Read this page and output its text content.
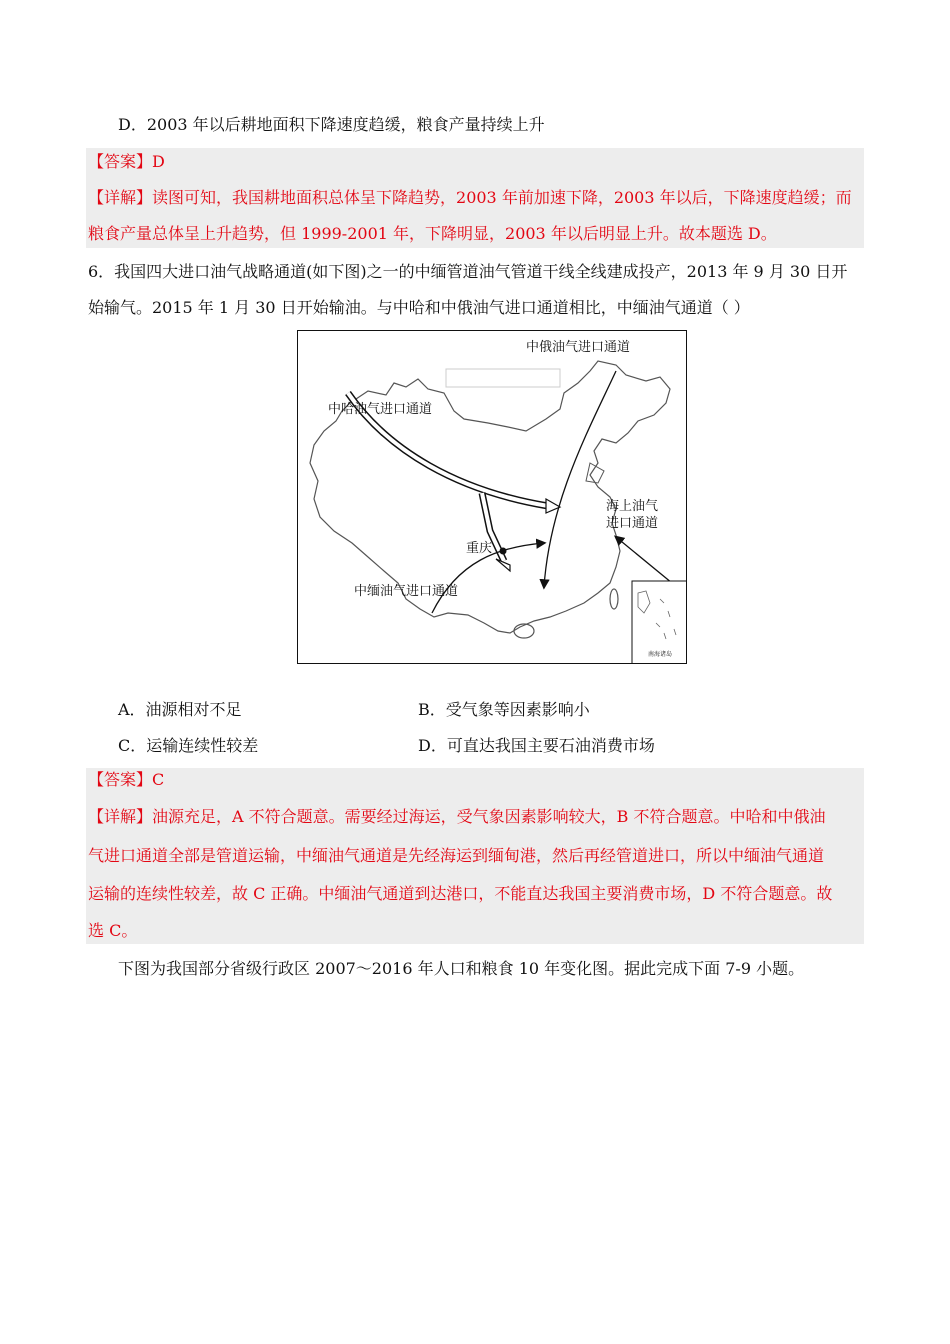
D．2003 年以后耕地面积下降速度趋缓，粮食产量持续上升
【答案】D
【详解】读图可知，我国耕地面积总体呈下降趋势，2003 年前加速下降，2003 年以后，下降速度趋缓；而
粮食产量总体呈上升趋势，但 1999-2001 年，下降明显，2003 年以后明显上升。故本题选 D。
6．我国四大进口油气战略通道(如下图)之一的中缅管道油气管道干线全线建成投产，2013 年 9 月 30 日开
始输气。2015 年 1 月 30 日开始输油。与中哈和中俄油气进口通道相比，中缅油气通道（ ）
中俄油气进口通道
中哈油气进口通道
海上油气
进口通道
重庆
中缅油气进口通道
南海诸岛
A．油源相对不足	B．受气象等因素影响小
C．运输连续性较差	D．可直达我国主要石油消费市场
【答案】C
【详解】油源充足，A 不符合题意。需要经过海运，受气象因素影响较大，B 不符合题意。中哈和中俄油
气进口通道全部是管道运输，中缅油气通道是先经海运到缅甸港，然后再经管道进口，所以中缅油气通道
运输的连续性较差，故 C 正确。中缅油气通道到达港口，不能直达我国主要消费市场，D 不符合题意。故
选 C。
下图为我国部分省级行政区 2007～2016 年人口和粮食 10 年变化图。据此完成下面 7-9 小题。
